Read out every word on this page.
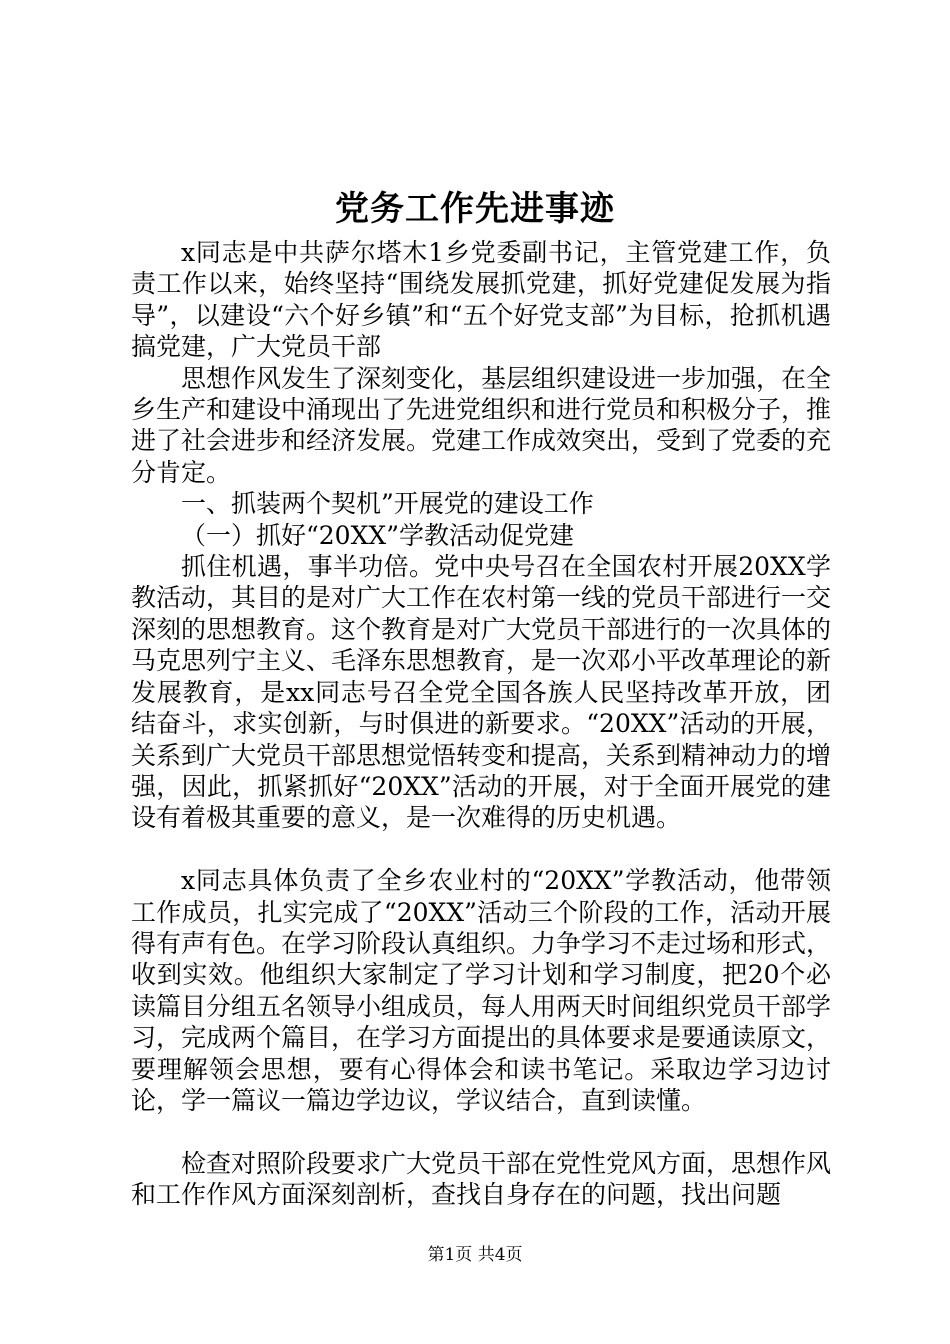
党务工作先进事迹

x同志是中共萨尔塔木1乡党委副书记，主管党建工作，负责工作以来，始终坚持“围绕发展抓党建，抓好党建促发展为指导”，以建设“六个好乡镇”和“五个好党支部”为目标，抢抓机遇搞党建，广大党员干部

思想作风发生了深刻变化，基层组织建设进一步加强，在全乡生产和建设中涌现出了先进党组织和进行党员和积极分子，推进了社会进步和经济发展。党建工作成效突出，受到了党委的充分肯定。

一、抓装两个契机”开展党的建设工作

（一）抓好“20XX”学教活动促党建

抓住机遇，事半功倍。党中央号召在全国农村开展20XX学教活动，其目的是对广大工作在农村第一线的党员干部进行一交深刻的思想教育。这个教育是对广大党员干部进行的一次具体的马克思列宁主义、毛泽东思想教育，是一次邓小平改革理论的新发展教育，是xx同志号召全党全国各族人民坚持改革开放，团结奋斗，求实创新，与时俱进的新要求。“20XX”活动的开展，关系到广大党员干部思想觉悟转变和提高，关系到精神动力的增强，因此，抓紧抓好“20XX”活动的开展，对于全面开展党的建设有着极其重要的意义，是一次难得的历史机遇。

x同志具体负责了全乡农业村的“20XX”学教活动，他带领工作成员，扎实完成了“20XX”活动三个阶段的工作，活动开展得有声有色。在学习阶段认真组织。力争学习不走过场和形式，收到实效。他组织大家制定了学习计划和学习制度，把20个必读篇目分组五名领导小组成员，每人用两天时间组织党员干部学习，完成两个篇目，在学习方面提出的具体要求是要通读原文，要理解领会思想，要有心得体会和读书笔记。采取边学习边讨论，学一篇议一篇边学边议，学议结合，直到读懂。

检查对照阶段要求广大党员干部在党性党风方面，思想作风和工作作风方面深刻剖析，查找自身存在的问题，找出问题

第1页 共4页
